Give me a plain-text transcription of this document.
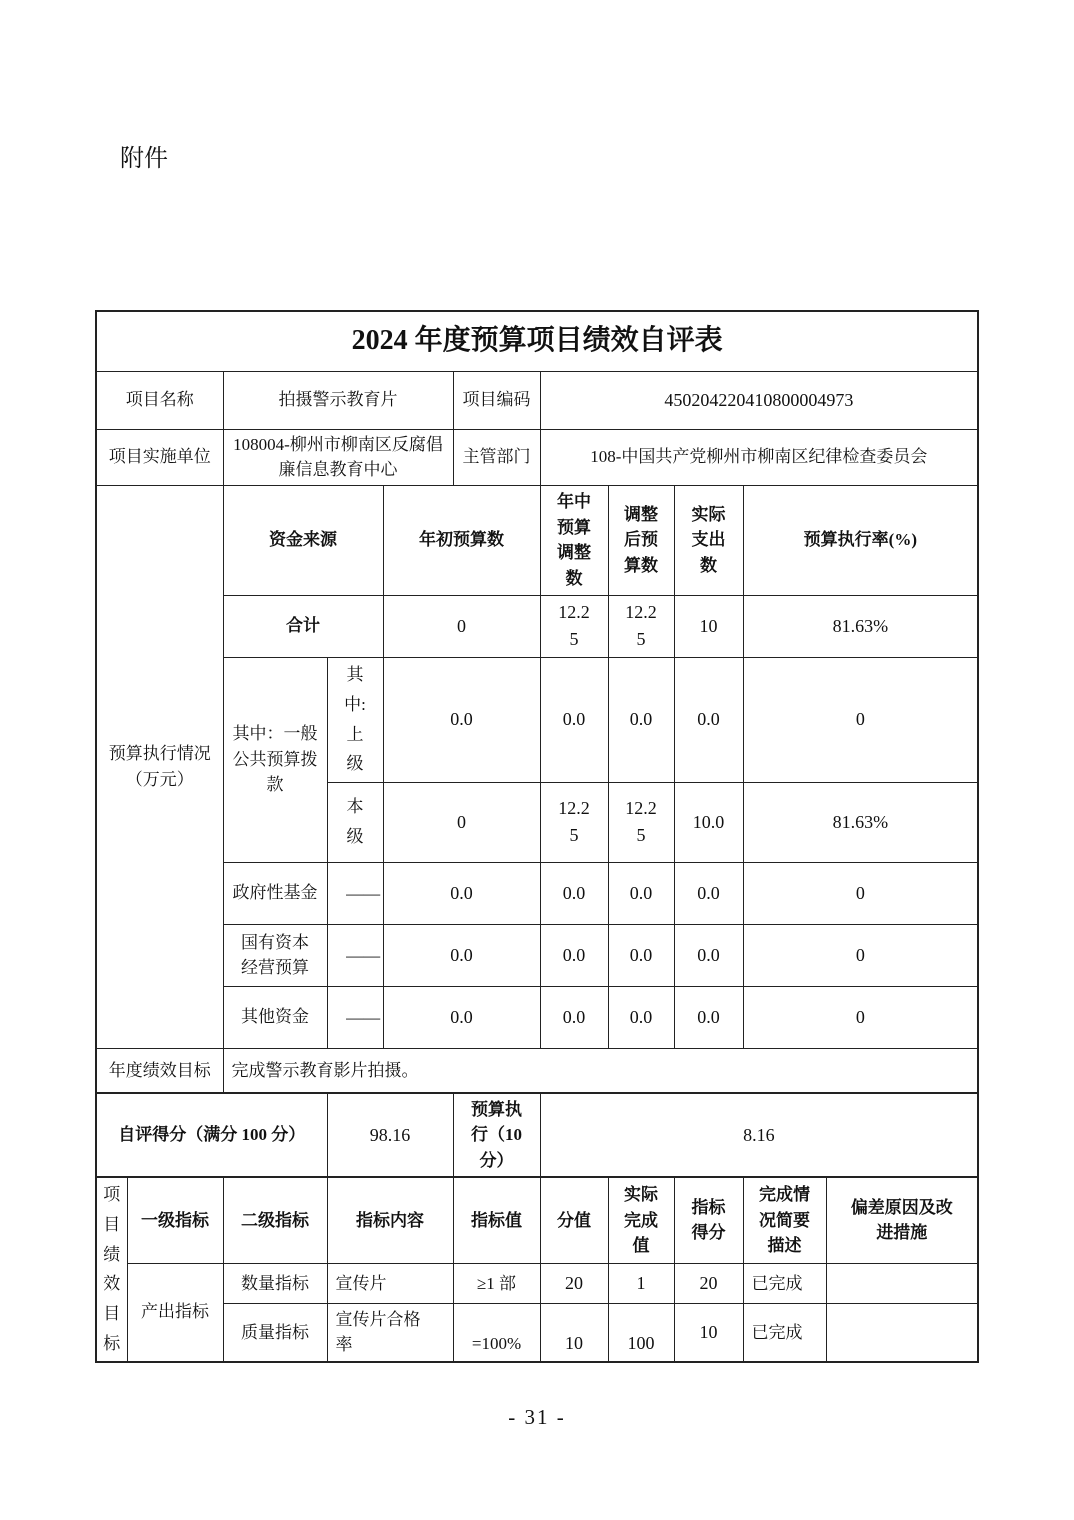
附件
2024 年度预算项目绩效自评表										
项目名称		拍摄警示教育片			项目编码	450204220410800004973				
项目实施单位		108004-柳州市柳南区反腐倡廉信息教育中心			主管部门	108-中国共产党柳州市柳南区纪律检查委员会				
预算执行情况（万元）		资金来源		年初预算数		年中预算调整数	调整后预算数	实际支出数	预算执行率(%)	
		合计		0		12.25	12.25	10	81.63%	
		其中：一般公共预算拨款	其中:上级	0.0		0.0	0.0	0.0	0	
			本级	0		12.25	12.25	10.0	81.63%	
		政府性基金	——	0.0		0.0	0.0	0.0	0	
		国有资本经营预算	——	0.0		0.0	0.0	0.0	0	
		其他资金	——	0.0		0.0	0.0	0.0	0	
年度绩效目标		完成警示教育影片拍摄。								
自评得分（满分 100 分）			98.16		预算执行（10 分）	8.16				
项目绩效目标	一级指标	二级指标	指标内容		指标值	分值	实际完成值	指标得分	完成情况简要描述	偏差原因及改进措施
	产出指标	数量指标	宣传片		≥1 部	20	1	20	已完成	
		质量指标	宣传片合格率		=100%	10	100	10	已完成	
- 31 -
